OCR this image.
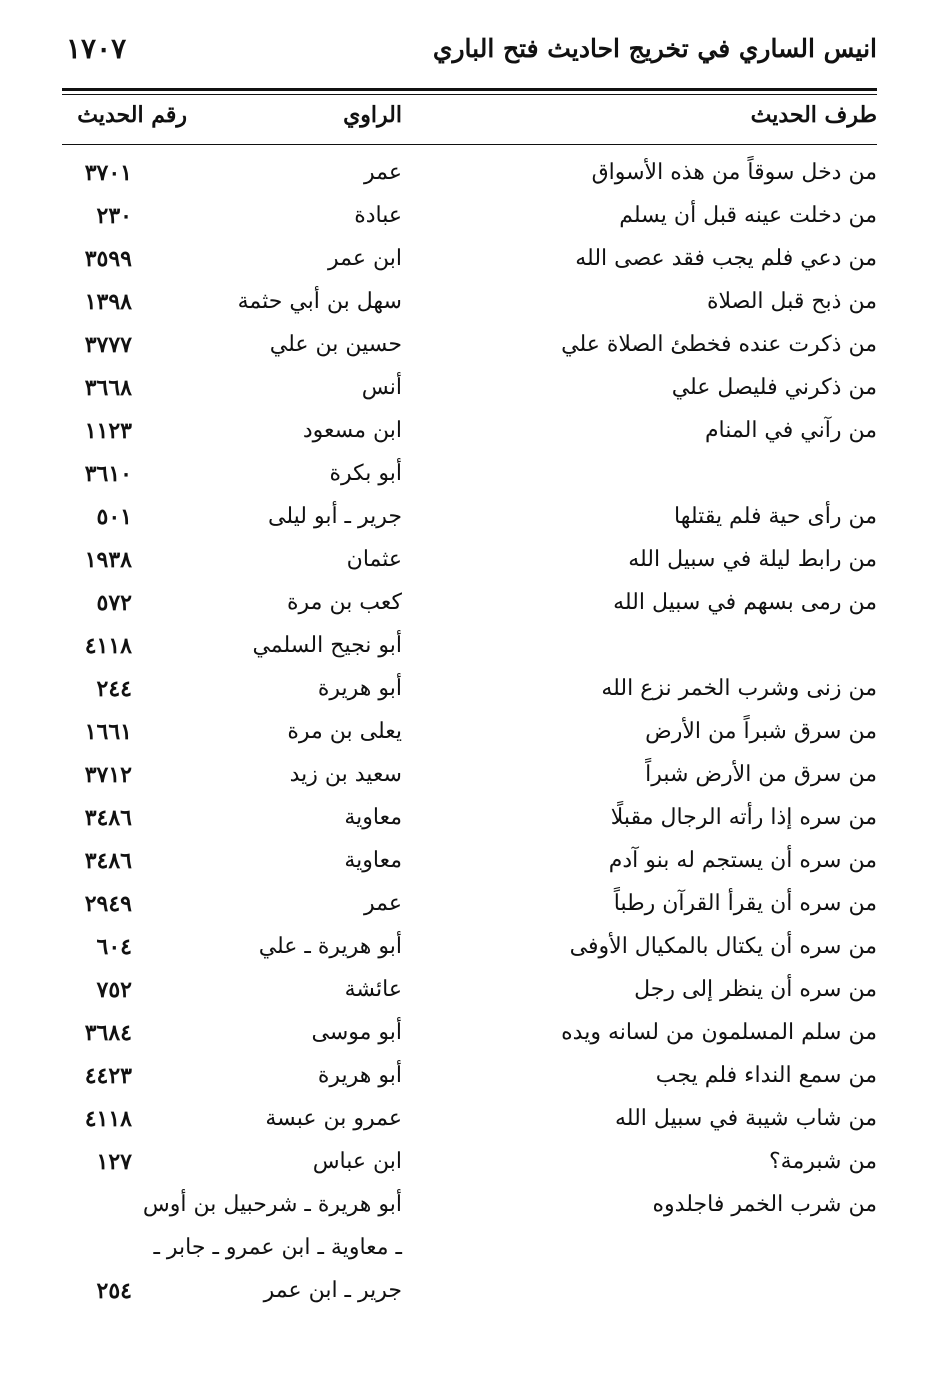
انيس الساري في تخريج احاديث فتح الباري
١٧٠٧
طرف الحديث
الراوي
رقم الحديث
من دخل سوقاً من هذه الأسواق
عمر
٣٧٠١
من دخلت عينه قبل أن يسلم
عبادة
٢٣٠
من دعي فلم يجب فقد عصى الله
ابن عمر
٣٥٩٩
من ذبح قبل الصلاة
سهل بن أبي حثمة
١٣٩٨
من ذكرت عنده فخطئ الصلاة علي
حسين بن علي
٣٧٧٧
من ذكرني فليصل علي
أنس
٣٦٦٨
من رآني في المنام
ابن مسعود
١١٢٣
أبو بكرة
٣٦١٠
من رأى حية فلم يقتلها
جرير ـ أبو ليلى
٥٠١
من رابط ليلة في سبيل الله
عثمان
١٩٣٨
من رمى بسهم في سبيل الله
كعب بن مرة
٥٧٢
أبو نجيح السلمي
٤١١٨
من زنى وشرب الخمر نزع الله
أبو هريرة
٢٤٤
من سرق شبراً من الأرض
يعلى بن مرة
١٦٦١
من سرق من الأرض شبراً
سعيد بن زيد
٣٧١٢
من سره إذا رأته الرجال مقبلًا
معاوية
٣٤٨٦
من سره أن يستجم له بنو آدم
معاوية
٣٤٨٦
من سره أن يقرأ القرآن رطباً
عمر
٢٩٤٩
من سره أن يكتال بالمكيال الأوفى
أبو هريرة ـ علي
٦٠٤
من سره أن ينظر إلى رجل
عائشة
٧٥٢
من سلم المسلمون من لسانه ويده
أبو موسى
٣٦٨٤
من سمع النداء فلم يجب
أبو هريرة
٤٤٢٣
من شاب شيبة في سبيل الله
عمرو بن عبسة
٤١١٨
من شبرمة؟
ابن عباس
١٢٧
من شرب الخمر فاجلدوه
أبو هريرة ـ شرحبيل بن أوس
ـ معاوية ـ ابن عمرو ـ جابر ـ
جرير ـ ابن عمر
٢٥٤
